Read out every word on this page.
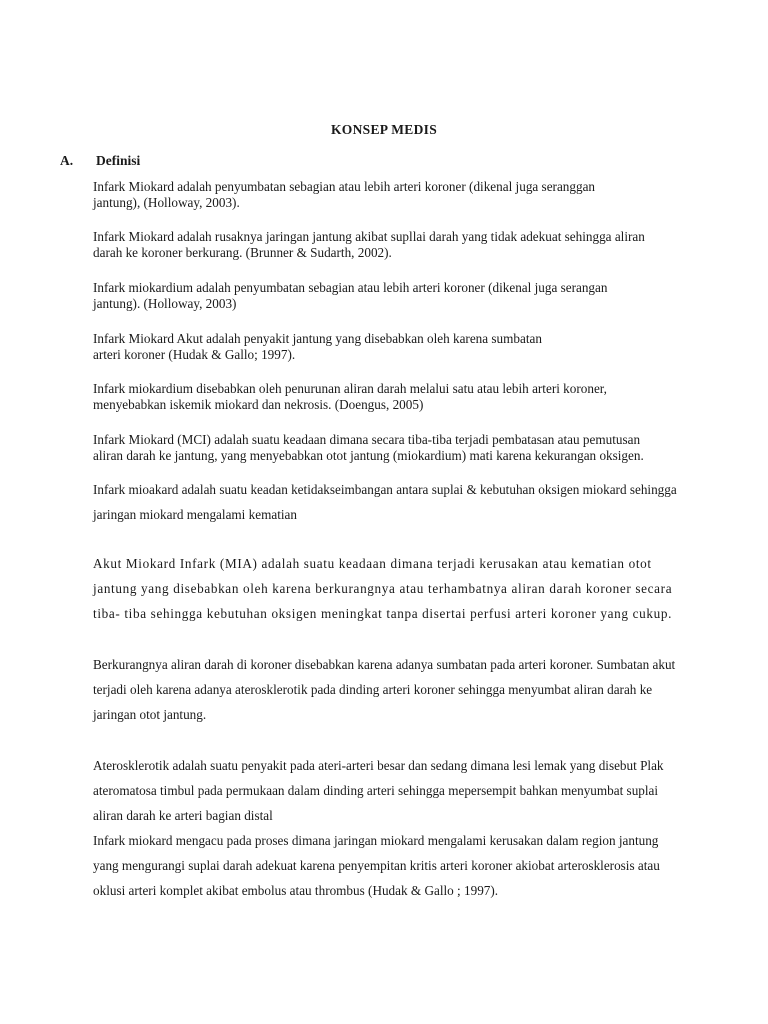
KONSEP MEDIS
A. Definisi

Infark Miokard adalah penyumbatan sebagian atau lebih arteri koroner (dikenal juga seranggan jantung), (Holloway, 2003).

Infark Miokard adalah rusaknya jaringan jantung akibat supllai darah yang tidak adekuat sehingga aliran darah ke koroner berkurang. (Brunner & Sudarth, 2002).

Infark miokardium adalah penyumbatan sebagian atau lebih arteri koroner (dikenal juga serangan jantung). (Holloway, 2003)

Infark Miokard Akut adalah penyakit jantung yang disebabkan oleh karena sumbatan arteri koroner (Hudak & Gallo; 1997).

Infark miokardium disebabkan oleh penurunan aliran darah melalui satu atau lebih arteri koroner, menyebabkan iskemik miokard dan nekrosis. (Doengus, 2005)

Infark Miokard (MCI) adalah suatu keadaan dimana secara tiba-tiba terjadi pembatasan atau pemutusan aliran darah ke jantung, yang menyebabkan otot jantung (miokardium) mati karena kekurangan oksigen.

Infark mioakard adalah suatu keadan ketidakseimbangan antara suplai & kebutuhan oksigen miokard sehingga jaringan miokard mengalami kematian

Akut Miokard Infark (MIA) adalah suatu keadaan dimana terjadi kerusakan atau kematian otot jantung yang disebabkan oleh karena berkurangnya atau terhambatnya aliran darah koroner secara tiba- tiba sehingga kebutuhan oksigen meningkat tanpa disertai perfusi arteri koroner yang cukup.

Berkurangnya aliran darah di koroner disebabkan karena adanya sumbatan pada arteri koroner. Sumbatan akut terjadi oleh karena adanya aterosklerotik pada dinding arteri koroner sehingga menyumbat aliran darah ke jaringan otot jantung.

Aterosklerotik adalah suatu penyakit pada ateri-arteri besar dan sedang dimana lesi lemak yang disebut Plak ateromatosa timbul pada permukaan dalam dinding arteri sehingga mepersempit bahkan menyumbat suplai aliran darah ke arteri bagian distal

Infark miokard mengacu pada proses dimana jaringan miokard mengalami kerusakan dalam region jantung yang mengurangi suplai darah adekuat karena penyempitan kritis arteri koroner akiobat arterosklerosis atau oklusi arteri komplet akibat embolus atau thrombus (Hudak & Gallo ; 1997).
